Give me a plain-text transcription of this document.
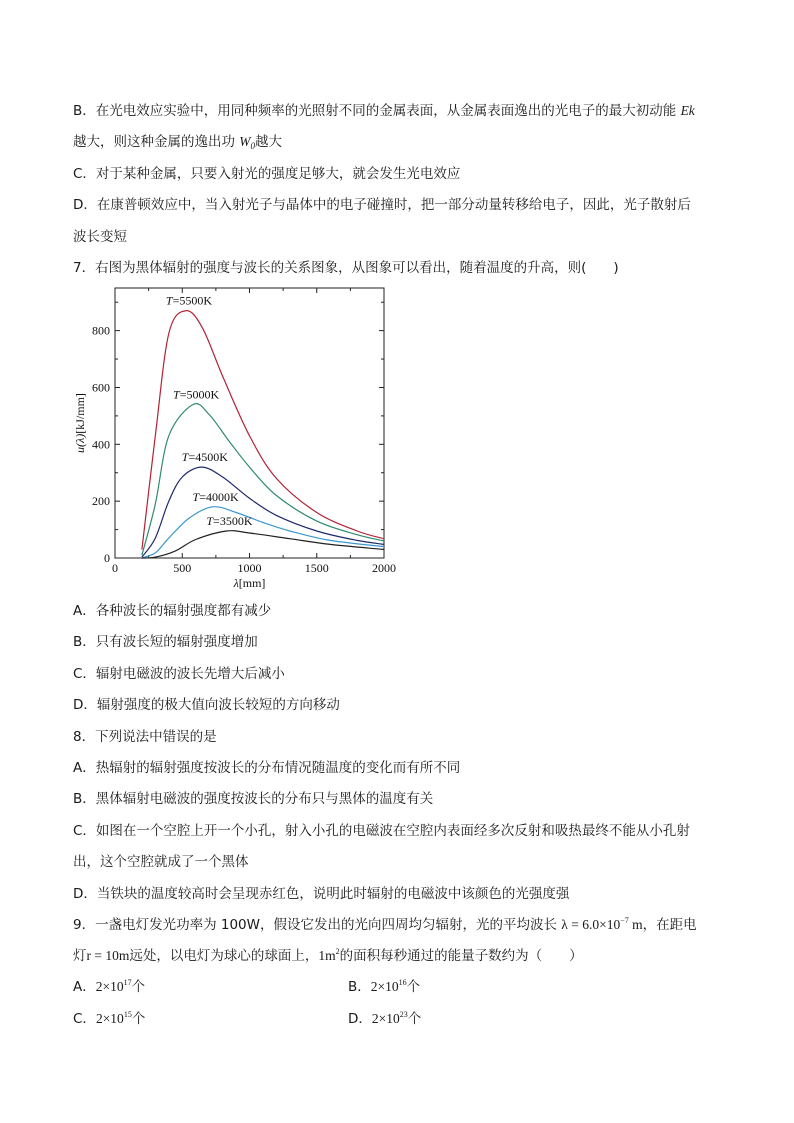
B．在光电效应实验中，用同种频率的光照射不同的金属表面，从金属表面逸出的光电子的最大初动能 Ek
越大，则这种金属的逸出功 $W_0$越大
C．对于某种金属，只要入射光的强度足够大，就会发生光电效应
D．在康普顿效应中，当入射光子与晶体中的电子碰撞时，把一部分动量转移给电子，因此，光子散射后
波长变短
7．右图为黑体辐射的强度与波长的关系图象，从图象可以看出，随着温度的升高，则(　　)
0	500	1000	1500	2000
0
200
400
600
800
λ[mm]
u(λ)[kJ/mm]
T=5500K
T=5000K
T=4500K
T=4000K
T=3500K
A．各种波长的辐射强度都有减少
B．只有波长短的辐射强度增加
C．辐射电磁波的波长先增大后减小
D．辐射强度的极大值向波长较短的方向移动
8．下列说法中错误的是
A．热辐射的辐射强度按波长的分布情况随温度的变化而有所不同
B．黑体辐射电磁波的强度按波长的分布只与黑体的温度有关
C．如图在一个空腔上开一个小孔，射入小孔的电磁波在空腔内表面经多次反射和吸热最终不能从小孔射
出，这个空腔就成了一个黑体
D．当铁块的温度较高时会呈现赤红色，说明此时辐射的电磁波中该颜色的光强度强
9．一盏电灯发光功率为 100W，假设它发出的光向四周均匀辐射，光的平均波长 $\lambda = 6.0\times 10^{-7}$ m，在距电
灯r = 10m远处，以电灯为球心的球面上，$1m^2$的面积每秒通过的能量子数约为（　　）
A．$2\times 10^{17}$个	B．$2\times 10^{16}$个
C．$2\times 10^{15}$个	D．$2\times 10^{23}$个
